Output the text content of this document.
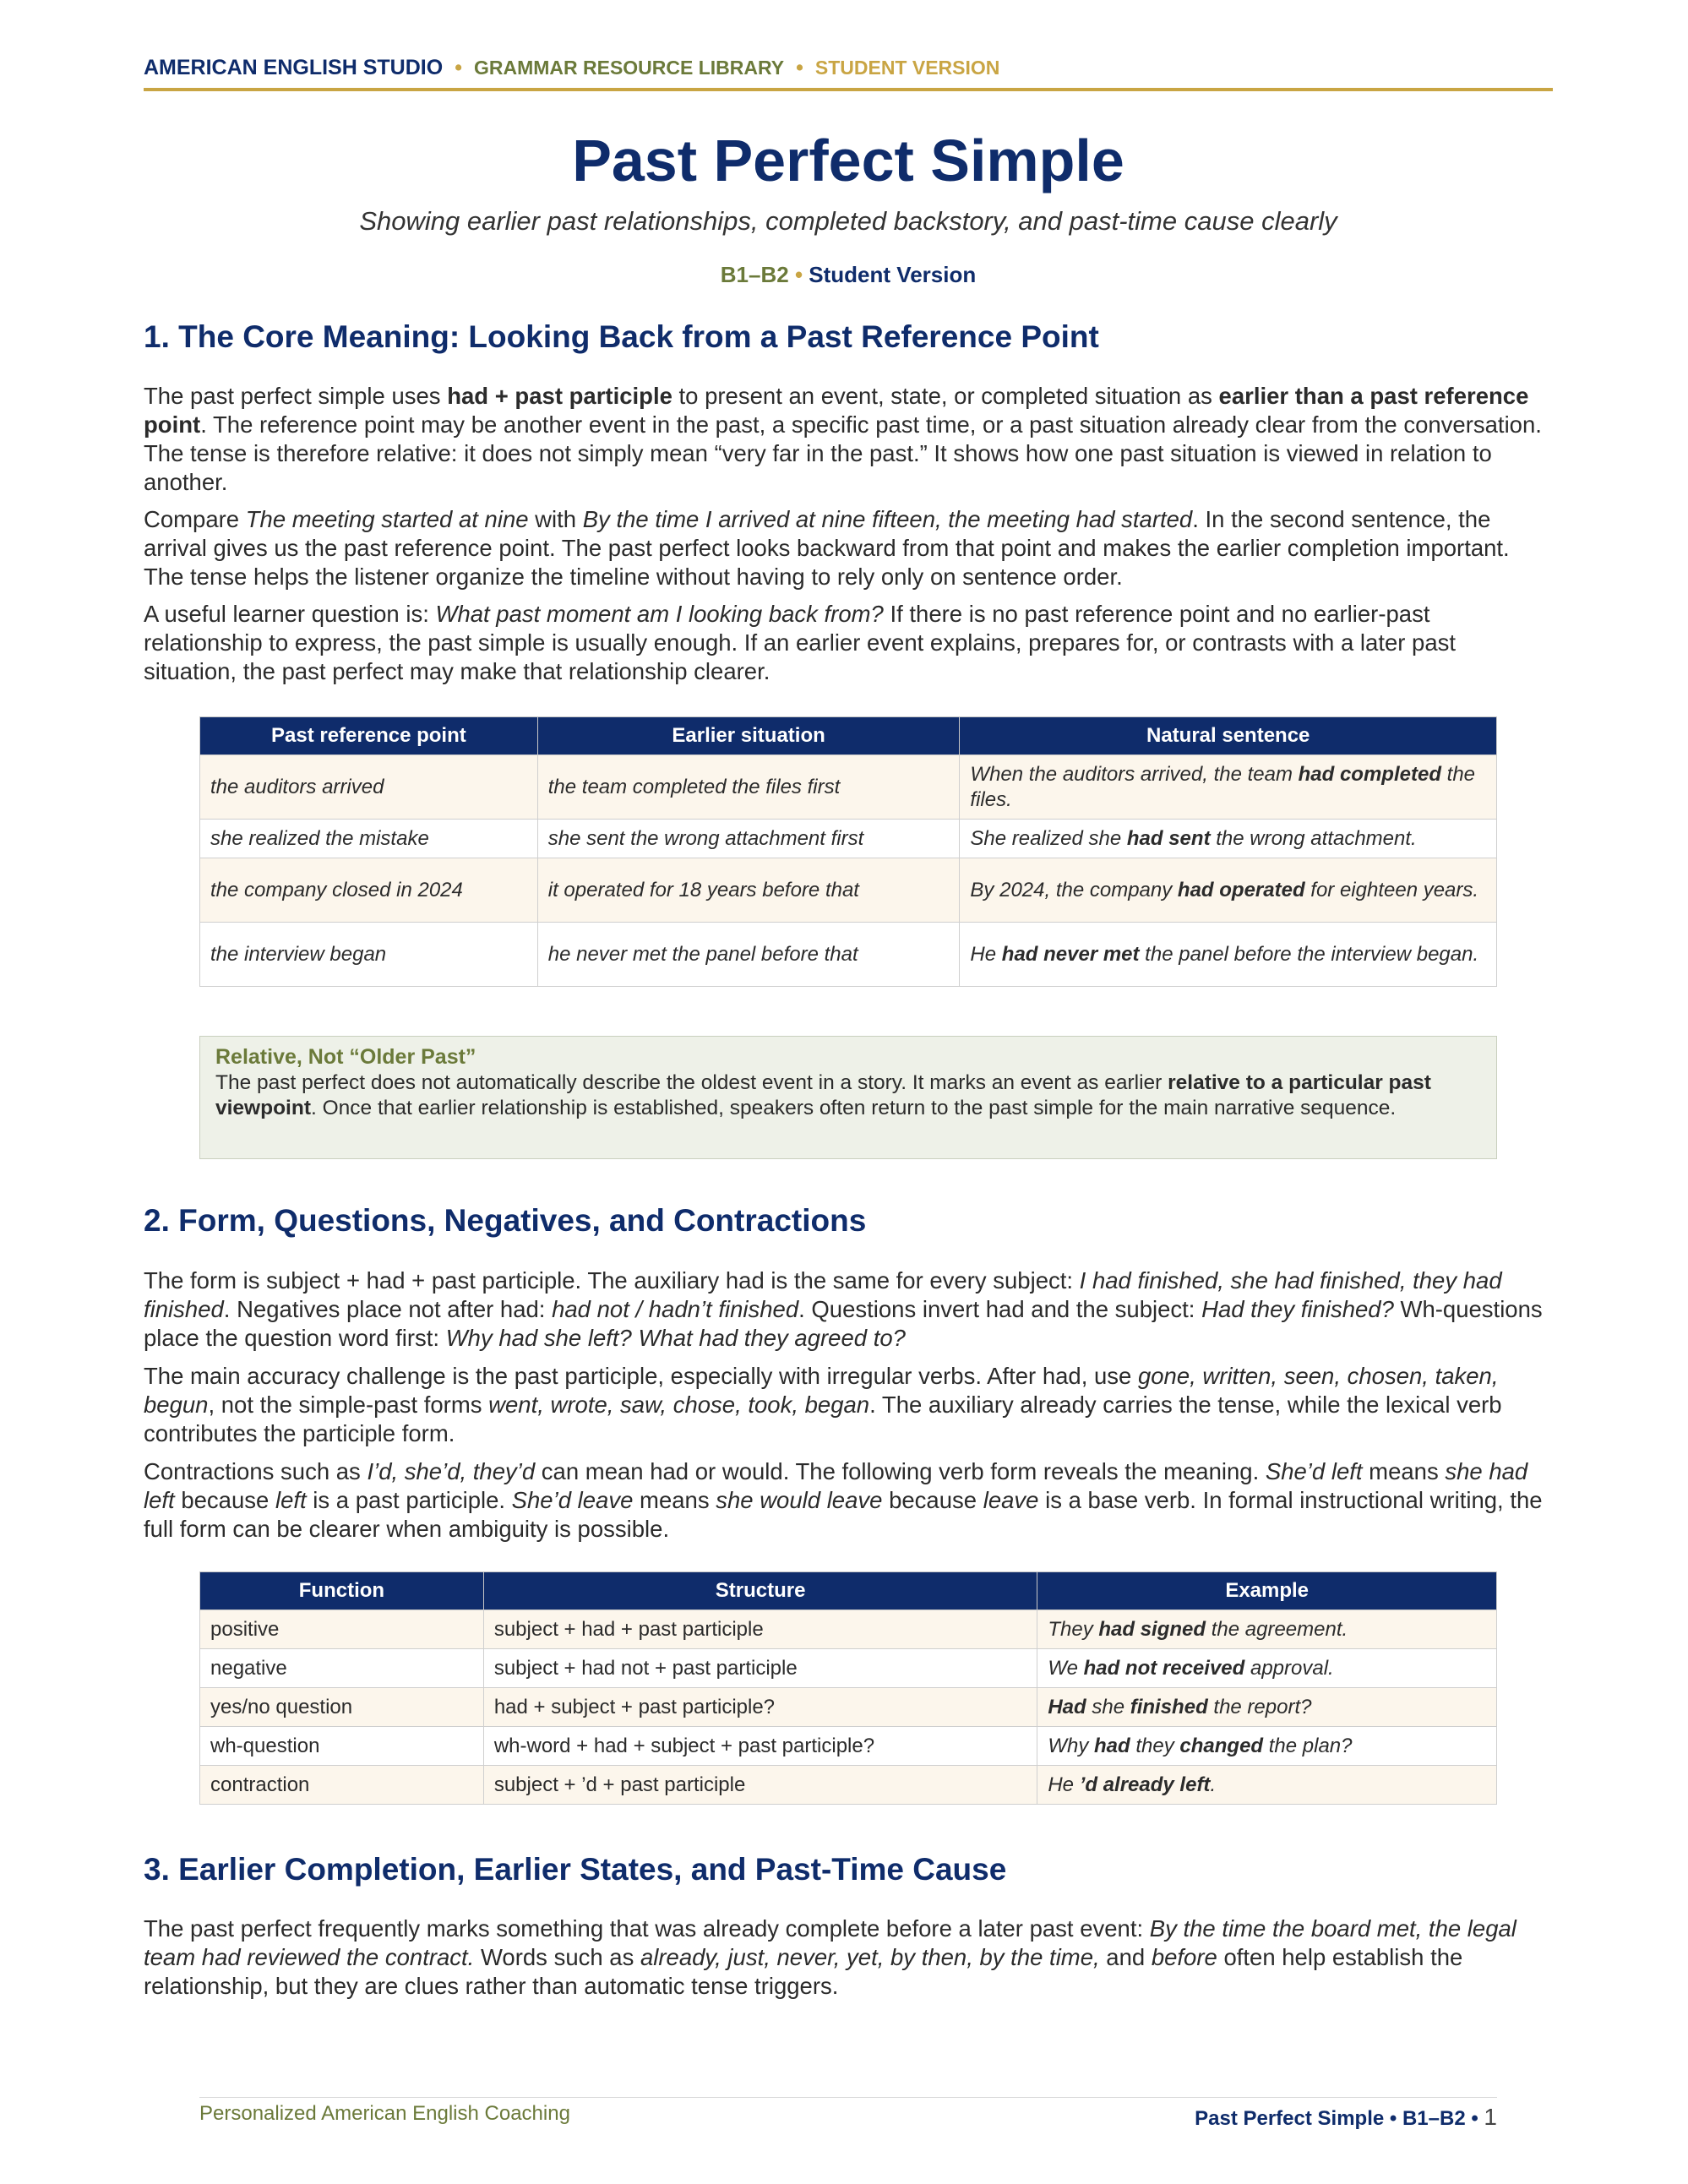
AMERICAN ENGLISH STUDIO • GRAMMAR RESOURCE LIBRARY • STUDENT VERSION
Past Perfect Simple
Showing earlier past relationships, completed backstory, and past-time cause clearly
B1–B2 • Student Version
1. The Core Meaning: Looking Back from a Past Reference Point

The past perfect simple uses had + past participle to present an event, state, or completed situation as earlier than a past reference point. The reference point may be another event in the past, a specific past time, or a past situation already clear from the conversation. The tense is therefore relative: it does not simply mean “very far in the past.” It shows how one past situation is viewed in relation to another.

Compare The meeting started at nine with By the time I arrived at nine fifteen, the meeting had started. In the second sentence, the arrival gives us the past reference point. The past perfect looks backward from that point and makes the earlier completion important. The tense helps the listener organize the timeline without having to rely only on sentence order.

A useful learner question is: What past moment am I looking back from? If there is no past reference point and no earlier-past relationship to express, the past simple is usually enough. If an earlier event explains, prepares for, or contrasts with a later past situation, the past perfect may make that relationship clearer.

Past reference point	Earlier situation	Natural sentence
the auditors arrived	the team completed the files first	When the auditors arrived, the team had completed the files.
she realized the mistake	she sent the wrong attachment first	She realized she had sent the wrong attachment.
the company closed in 2024	it operated for 18 years before that	By 2024, the company had operated for eighteen years.
the interview began	he never met the panel before that	He had never met the panel before the interview began.
Relative, Not “Older Past”
The past perfect does not automatically describe the oldest event in a story. It marks an event as earlier relative to a particular past viewpoint. Once that earlier relationship is established, speakers often return to the past simple for the main narrative sequence.
2. Form, Questions, Negatives, and Contractions

The form is subject + had + past participle. The auxiliary had is the same for every subject: I had finished, she had finished, they had finished. Negatives place not after had: had not / hadn’t finished. Questions invert had and the subject: Had they finished? Wh-questions place the question word first: Why had she left? What had they agreed to?

The main accuracy challenge is the past participle, especially with irregular verbs. After had, use gone, written, seen, chosen, taken, begun, not the simple-past forms went, wrote, saw, chose, took, began. The auxiliary already carries the tense, while the lexical verb contributes the participle form.

Contractions such as I’d, she’d, they’d can mean had or would. The following verb form reveals the meaning. She’d left means she had left because left is a past participle. She’d leave means she would leave because leave is a base verb. In formal instructional writing, the full form can be clearer when ambiguity is possible.

Function	Structure	Example
positive	subject + had + past participle	They had signed the agreement.
negative	subject + had not + past participle	We had not received approval.
yes/no question	had + subject + past participle?	Had she finished the report?
wh-question	wh-word + had + subject + past participle?	Why had they changed the plan?
contraction	subject + ’d + past participle	He ’d already left.
3. Earlier Completion, Earlier States, and Past-Time Cause

The past perfect frequently marks something that was already complete before a later past event: By the time the board met, the legal team had reviewed the contract. Words such as already, just, never, yet, by then, by the time, and before often help establish the relationship, but they are clues rather than automatic tense triggers.

Personalized American English Coaching	Past Perfect Simple • B1–B2 • 1
